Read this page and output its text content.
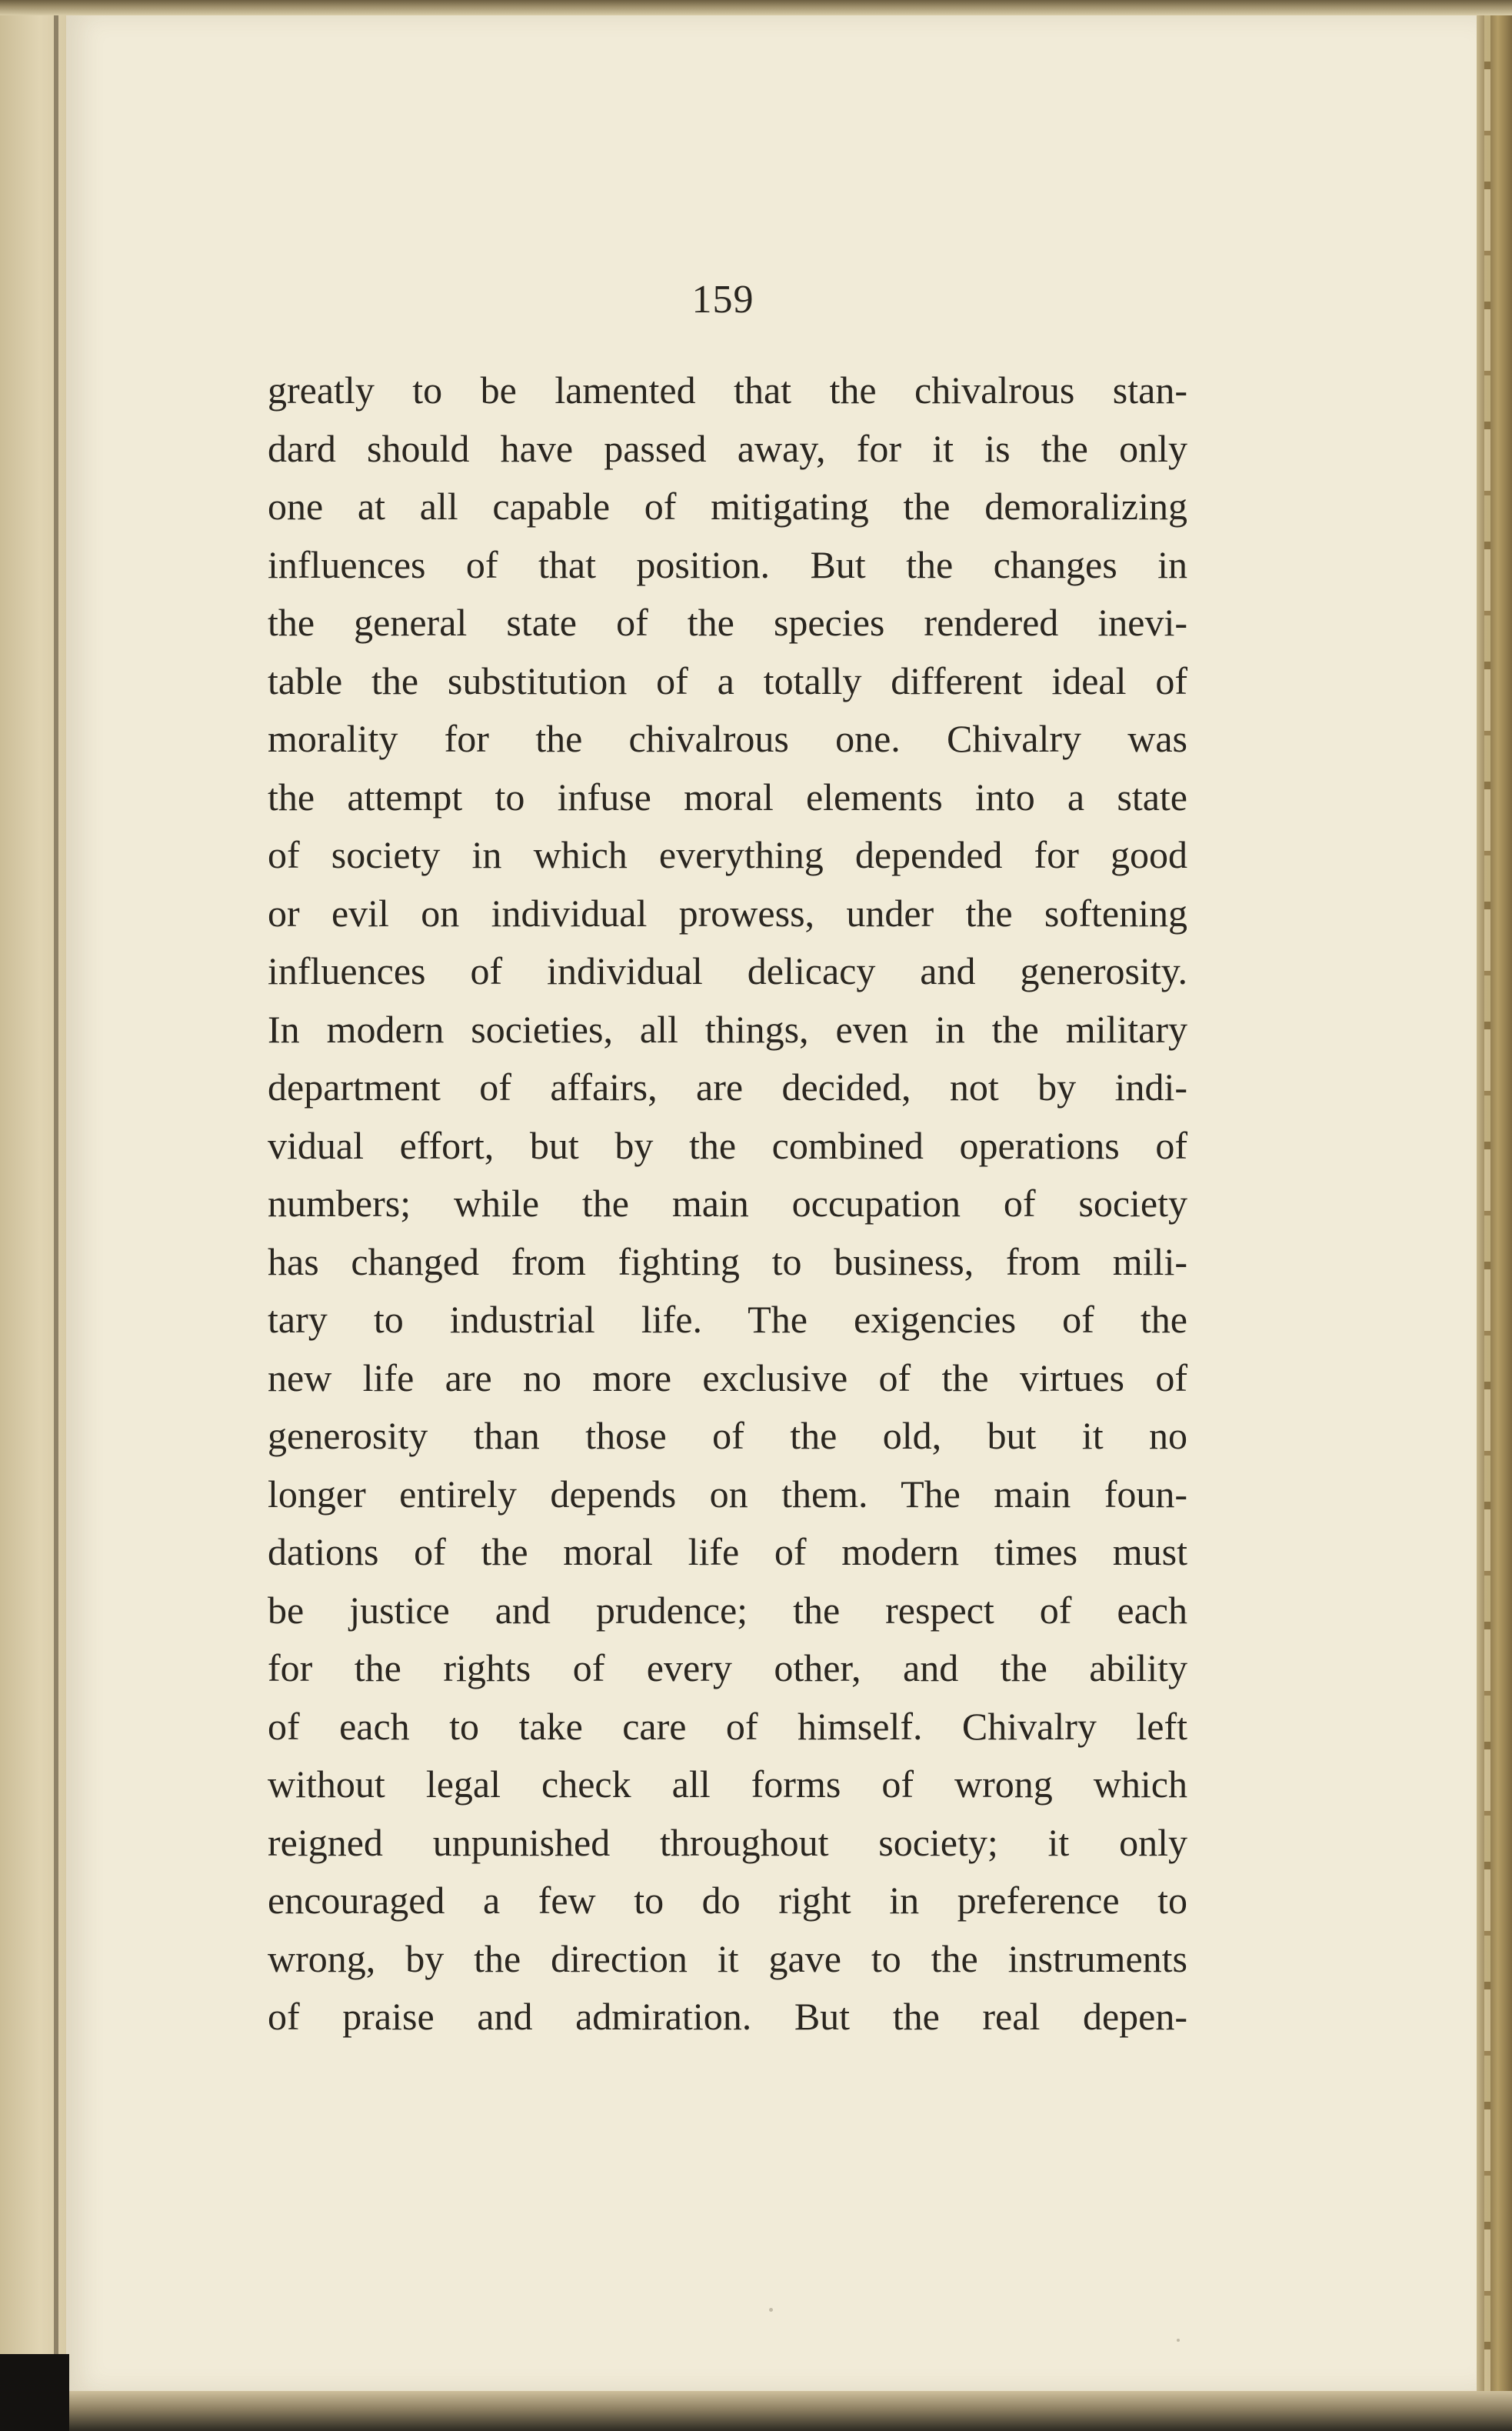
159
greatly to be lamented that the chivalrous stan-
dard should have passed away, for it is the only
one at all capable of mitigating the demoralizing
influences of that position. But the changes in
the general state of the species rendered inevi-
table the substitution of a totally different ideal of
morality for the chivalrous one. Chivalry was
the attempt to infuse moral elements into a state
of society in which everything depended for good
or evil on individual prowess, under the softening
influences of individual delicacy and generosity.
In modern societies, all things, even in the military
department of affairs, are decided, not by indi-
vidual effort, but by the combined operations of
numbers; while the main occupation of society
has changed from fighting to business, from mili-
tary to industrial life. The exigencies of the
new life are no more exclusive of the virtues of
generosity than those of the old, but it no
longer entirely depends on them. The main foun-
dations of the moral life of modern times must
be justice and prudence; the respect of each
for the rights of every other, and the ability
of each to take care of himself. Chivalry left
without legal check all forms of wrong which
reigned unpunished throughout society; it only
encouraged a few to do right in preference to
wrong, by the direction it gave to the instruments
of praise and admiration. But the real depen-
